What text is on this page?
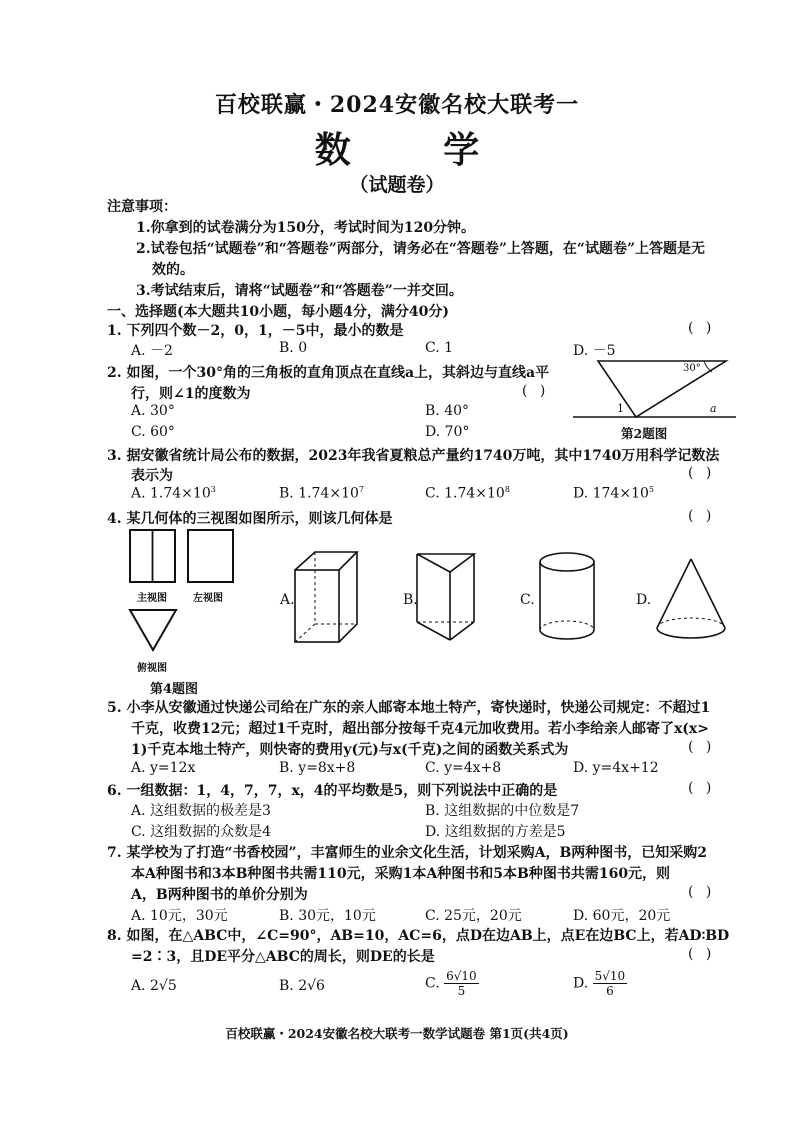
百校联赢・2024安徽名校大联考一
数 学
（试题卷）
注意事项：
1.你拿到的试卷满分为150分，考试时间为120分钟。
2.试卷包括“试题卷”和“答题卷”两部分，请务必在“答题卷”上答题，在“试题卷”上答题是无
效的。
3.考试结束后，请将“试题卷”和“答题卷”一并交回。
一、选择题(本大题共10小题，每小题4分，满分40分)
1. 下列四个数－2，0，1，－5中，最小的数是	( )
A. －2	B. 0	C. 1	D. －5
2. 如图，一个30°角的三角板的直角顶点在直线a上，其斜边与直线a平
行，则∠1的度数为	( )
A. 30°	B. 40°
C. 60°	D. 70°
30°
1	a
第2题图
3. 据安徽省统计局公布的数据，2023年我省夏粮总产量约1740万吨，其中1740万用科学记数法
表示为	( )
A. $1.74\times 10^3$	B. $1.74\times 10^7$	C. $1.74\times 10^8$	D. $174\times 10^5$
4. 某几何体的三视图如图所示，则该几何体是	( )
主视图	左视图
俯视图
第4题图
A.	B.	C.	D.
5. 小李从安徽通过快递公司给在广东的亲人邮寄本地土特产，寄快递时，快递公司规定：不超过1
千克，收费12元；超过1千克时，超出部分按每千克4元加收费用。若小李给亲人邮寄了x(x>
1)千克本地土特产，则快寄的费用y(元)与x(千克)之间的函数关系式为	( )
A. y=12x	B. y=8x+8	C. y=4x+8	D. y=4x+12
6. 一组数据：1，4，7，7，x，4的平均数是5，则下列说法中正确的是	( )
A. 这组数据的极差是3	B. 这组数据的中位数是7
C. 这组数据的众数是4	D. 这组数据的方差是5
7. 某学校为了打造“书香校园”，丰富师生的业余文化生活，计划采购A，B两种图书，已知采购2
本A种图书和3本B种图书共需110元，采购1本A种图书和5本B种图书共需160元，则
A，B两种图书的单价分别为	( )
A. 10元，30元	B. 30元，10元	C. 25元，20元	D. 60元，20元
8. 如图，在△ABC中，∠C=90°，AB=10，AC=6，点D在边AB上，点E在边BC上，若AD∶BD
=2∶3，且DE平分△ABC的周长，则DE的长是	( )
A. 2√5	B. 2√6	C. $\frac{6√10}{5}$	D. $\frac{5√10}{6}$
百校联赢・2024安徽名校大联考一数学试题卷 第1页(共4页)
